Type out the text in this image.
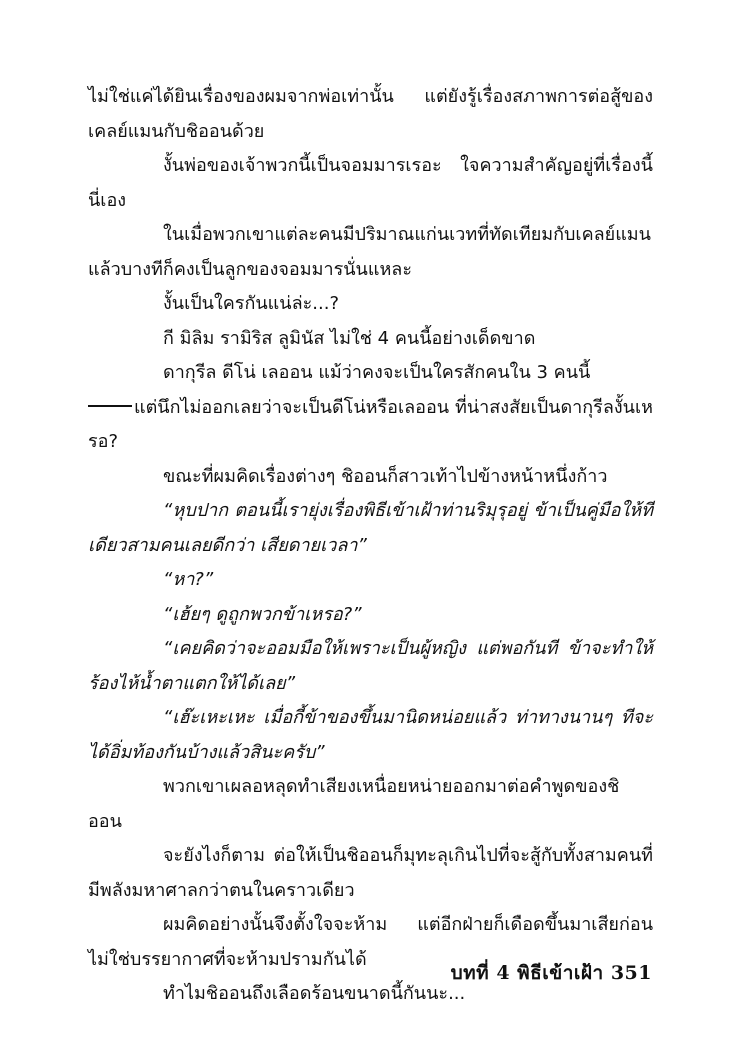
ไม่ใช่แค่ได้ยินเรื่องของผมจากพ่อเท่านั้น แต่ยังรู้เรื่องสภาพการต่อสู้ของเคลย์แมนกับชิออนด้วย

งั้นพ่อของเจ้าพวกนี้เป็นจอมมารเรอะ ใจความสำคัญอยู่ที่เรื่องนี้นี่เอง

ในเมื่อพวกเขาแต่ละคนมีปริมาณแก่นเวทที่ทัดเทียมกับเคลย์แมน แล้วบางทีก็คงเป็นลูกของจอมมารนั่นแหละ

งั้นเป็นใครกันแน่ล่ะ...?

กี มิลิม รามิริส ลูมินัส ไม่ใช่ 4 คนนี้อย่างเด็ดขาด

ดากุรีล ดีโน่ เลออน แม้ว่าคงจะเป็นใครสักคนใน 3 คนนี้

แต่นึกไม่ออกเลยว่าจะเป็นดีโน่หรือเลออน ที่น่าสงสัยเป็นดากุรีลงั้นเหรอ?

ขณะที่ผมคิดเรื่องต่างๆ ชิออนก็สาวเท้าไปข้างหน้าหนึ่งก้าว

“หุบปาก ตอนนี้เรายุ่งเรื่องพิธีเข้าเฝ้าท่านริมุรุอยู่ ข้าเป็นคู่มือให้ทีเดียวสามคนเลยดีกว่า เสียดายเวลา”

“หา?”

“เฮ้ยๆ ดูถูกพวกข้าเหรอ?”

“เคยคิดว่าจะออมมือให้เพราะเป็นผู้หญิง แต่พอกันที ข้าจะทำให้ร้องไห้น้ำตาแตกให้ได้เลย”

“เฮ๊ะเหะเหะ เมื่อกี้ข้าของขึ้นมานิดหน่อยแล้ว ท่าทางนานๆ ทีจะได้อิ่มท้องกันบ้างแล้วสินะครับ”

พวกเขาเผลอหลุดทำเสียงเหนื่อยหน่ายออกมาต่อคำพูดของชิออน

จะยังไงก็ตาม ต่อให้เป็นชิออนก็มุทะลุเกินไปที่จะสู้กับทั้งสามคนที่มีพลังมหาศาลกว่าตนในคราวเดียว

ผมคิดอย่างนั้นจึงตั้งใจจะห้าม แต่อีกฝ่ายก็เดือดขึ้นมาเสียก่อน ไม่ใช่บรรยากาศที่จะห้ามปรามกันได้

ทำไมชิออนถึงเลือดร้อนขนาดนี้กันนะ...

บทที่ 4 พิธีเข้าเฝ้า 351
